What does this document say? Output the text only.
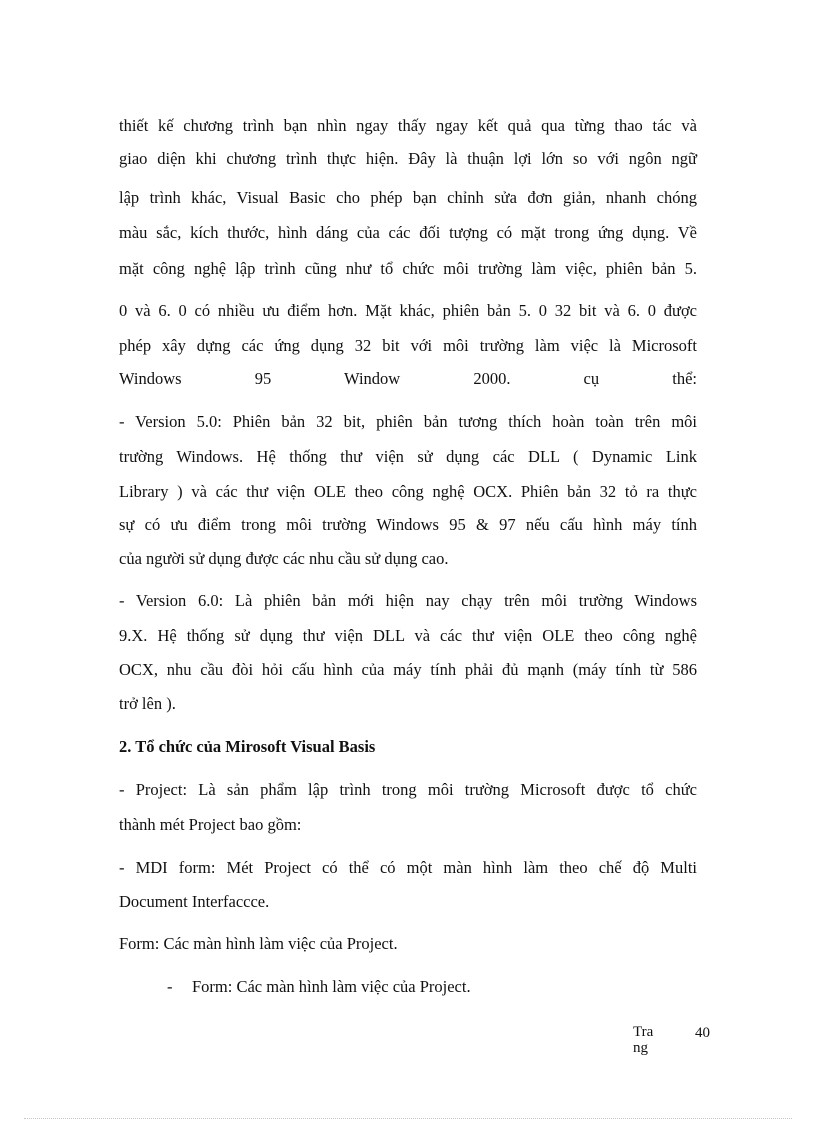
thiết kế chương trình bạn nhìn ngay thấy ngay kết quả qua từng thao tác và
giao diện khi chương trình thực hiện. Đây là thuận lợi lớn so với ngôn ngữ
lập trình khác, Visual Basic cho phép bạn chỉnh sửa đơn giản, nhanh chóng
màu sắc, kích thước, hình dáng của các đối tượng có mặt trong ứng dụng. Về
mặt công nghệ lập trình cũng như tổ chức môi trường làm việc, phiên bản 5.
0 và 6. 0 có nhiều ưu điểm hơn. Mặt khác, phiên bản 5. 0 32 bit và 6. 0 được
phép xây dựng các ứng dụng 32 bit với môi trường làm việc là Microsoft
Windows 95 Window 2000. cụ thể:
- Version 5.0: Phiên bản 32 bit, phiên bản tương thích hoàn toàn trên môi
trường Windows. Hệ thống thư viện sử dụng các DLL ( Dynamic Link
Library ) và các thư viện OLE theo công nghệ OCX. Phiên bản 32 tỏ ra thực
sự có ưu điểm trong môi trường Windows 95 & 97 nếu cấu hình máy tính
của người sử dụng được các nhu cầu sử dụng cao.
- Version 6.0: Là phiên bản mới hiện nay chạy trên môi trường Windows
9.X. Hệ thống sử dụng thư viện DLL và các thư viện OLE theo công nghệ
OCX, nhu cầu đòi hỏi cấu hình của máy tính phải đủ mạnh (máy tính từ 586
trở lên ).
2. Tổ chức của Mirosoft Visual Basis
- Project: Là sản phẩm lập trình trong môi trường Microsoft được tổ chức
thành mét Project bao gồm:
- MDI form: Mét Project có thể có một màn hình làm theo chế độ Multi
Document Interfaccce.
Form: Các màn hình làm việc của Project.
- Form: Các màn hình làm việc của Project.
Trang
40
